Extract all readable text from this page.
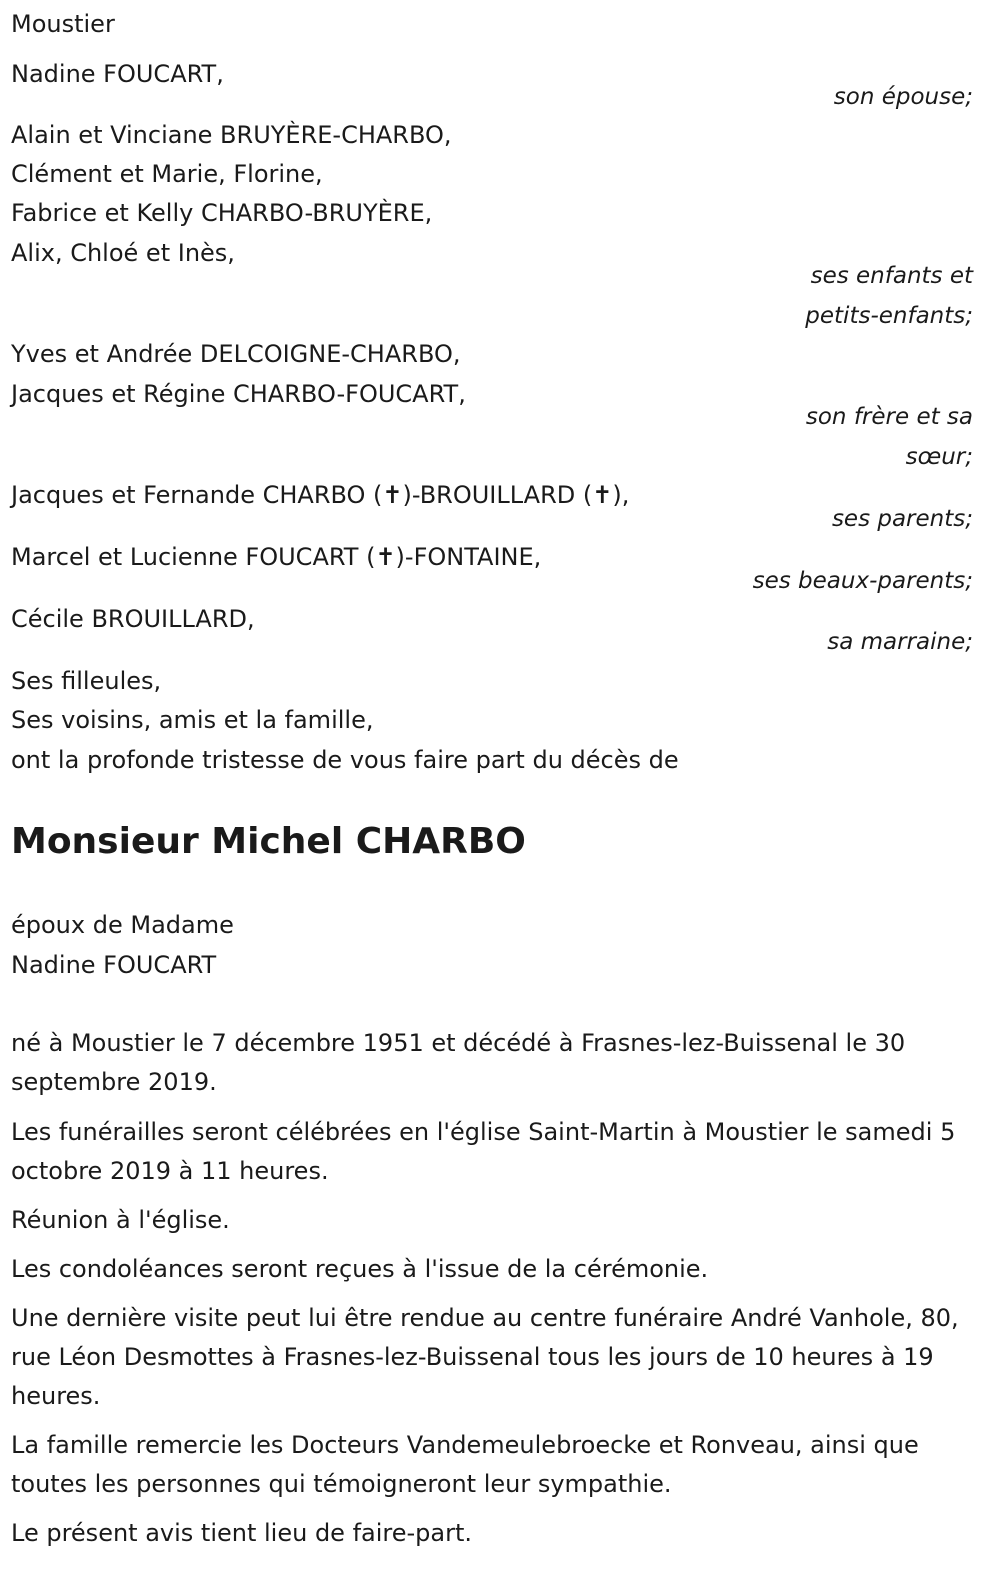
Moustier
Nadine FOUCART,
son épouse;
Alain et Vinciane BRUYÈRE-CHARBO,
Clément et Marie, Florine,
Fabrice et Kelly CHARBO-BRUYÈRE,
Alix, Chloé et Inès,
ses enfants et
petits-enfants;
Yves et Andrée DELCOIGNE-CHARBO,
Jacques et Régine CHARBO-FOUCART,
son frère et sa
sœur;
Jacques et Fernande CHARBO (✝)-BROUILLARD (✝),
ses parents;
Marcel et Lucienne FOUCART (✝)-FONTAINE,
ses beaux-parents;
Cécile BROUILLARD,
sa marraine;
Ses filleules,
Ses voisins, amis et la famille,
ont la profonde tristesse de vous faire part du décès de
Monsieur Michel CHARBO
époux de Madame
Nadine FOUCART
né à Moustier le 7 décembre 1951 et décédé à Frasnes-lez-Buissenal le 30 septembre 2019.
Les funérailles seront célébrées en l'église Saint-Martin à Moustier le samedi 5 octobre 2019 à 11 heures.
Réunion à l'église.
Les condoléances seront reçues à l'issue de la cérémonie.
Une dernière visite peut lui être rendue au centre funéraire André Vanhole, 80, rue Léon Desmottes à Frasnes-lez-Buissenal tous les jours de 10 heures à 19 heures.
La famille remercie les Docteurs Vandemeulebroecke et Ronveau, ainsi que toutes les personnes qui témoigneront leur sympathie.
Le présent avis tient lieu de faire-part.
